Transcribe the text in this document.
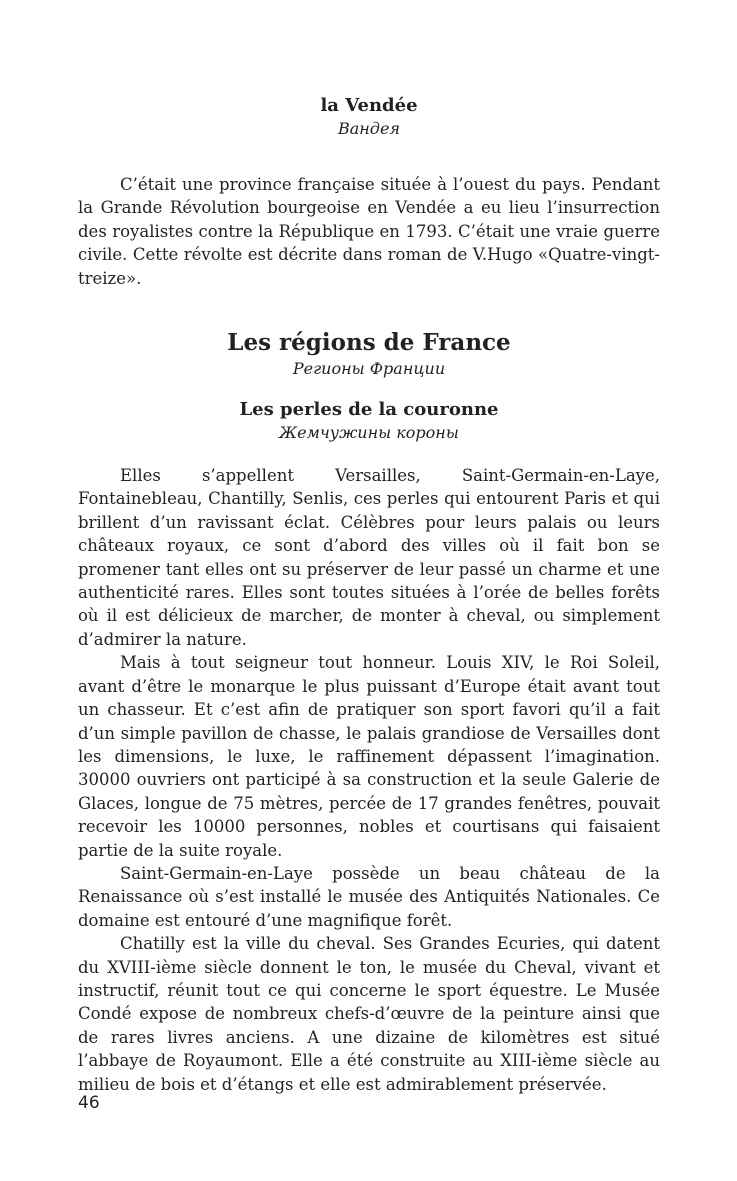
la Vendée
Вандея

C’était une province française située à l’ouest du pays. Pendant la Grande Révolution bourgeoise en Vendée a eu lieu l’insurrection des royalistes contre la République en 1793. C’était une vraie guerre civile. Cette révolte est décrite dans roman de V.Hugo «Quatre-vingt-treize».

Les régions de France
Регионы Франции
Les perles de la couronne
Жемчужины короны

Elles s’appellent Versailles, Saint-Germain-en-Laye, Fontainebleau, Chantilly, Senlis, ces perles qui entourent Paris et qui brillent d’un ravissant éclat. Célèbres pour leurs palais ou leurs châteaux royaux, ce sont d’abord des villes où il fait bon se promener tant elles ont su préserver de leur passé un charme et une authenticité rares. Elles sont toutes situées à l’orée de belles forêts où il est délicieux de marcher, de monter à cheval, ou simplement d’admirer la nature.

Mais à tout seigneur tout honneur. Louis XIV, le Roi Soleil, avant d’être le monarque le plus puissant d’Europe était avant tout un chasseur. Et c’est afin de pratiquer son sport favori qu’il a fait d’un simple pavillon de chasse, le palais grandiose de Versailles dont les dimensions, le luxe, le raffinement dépassent l’imagination. 30000 ouvriers ont participé à sa construction et la seule Galerie de Glaces, longue de 75 mètres, percée de 17 grandes fenêtres, pouvait recevoir les 10000 personnes, nobles et courtisans qui faisaient partie de la suite royale.

Saint-Germain-en-Laye possède un beau château de la Renaissance où s’est installé le musée des Antiquités Nationales. Ce domaine est entouré d’une magnifique forêt.

Chatilly est la ville du cheval. Ses Grandes Ecuries, qui datent du XVIII-ième siècle donnent le ton, le musée du Cheval, vivant et instructif, réunit tout ce qui concerne le sport équestre. Le Musée Condé expose de nombreux chefs-d’œuvre de la peinture ainsi que de rares livres anciens. A une dizaine de kilomètres est situé l’abbaye de Royaumont. Elle a été construite au XIII-ième siècle au milieu de bois et d’étangs et elle est admirablement préservée.

46
